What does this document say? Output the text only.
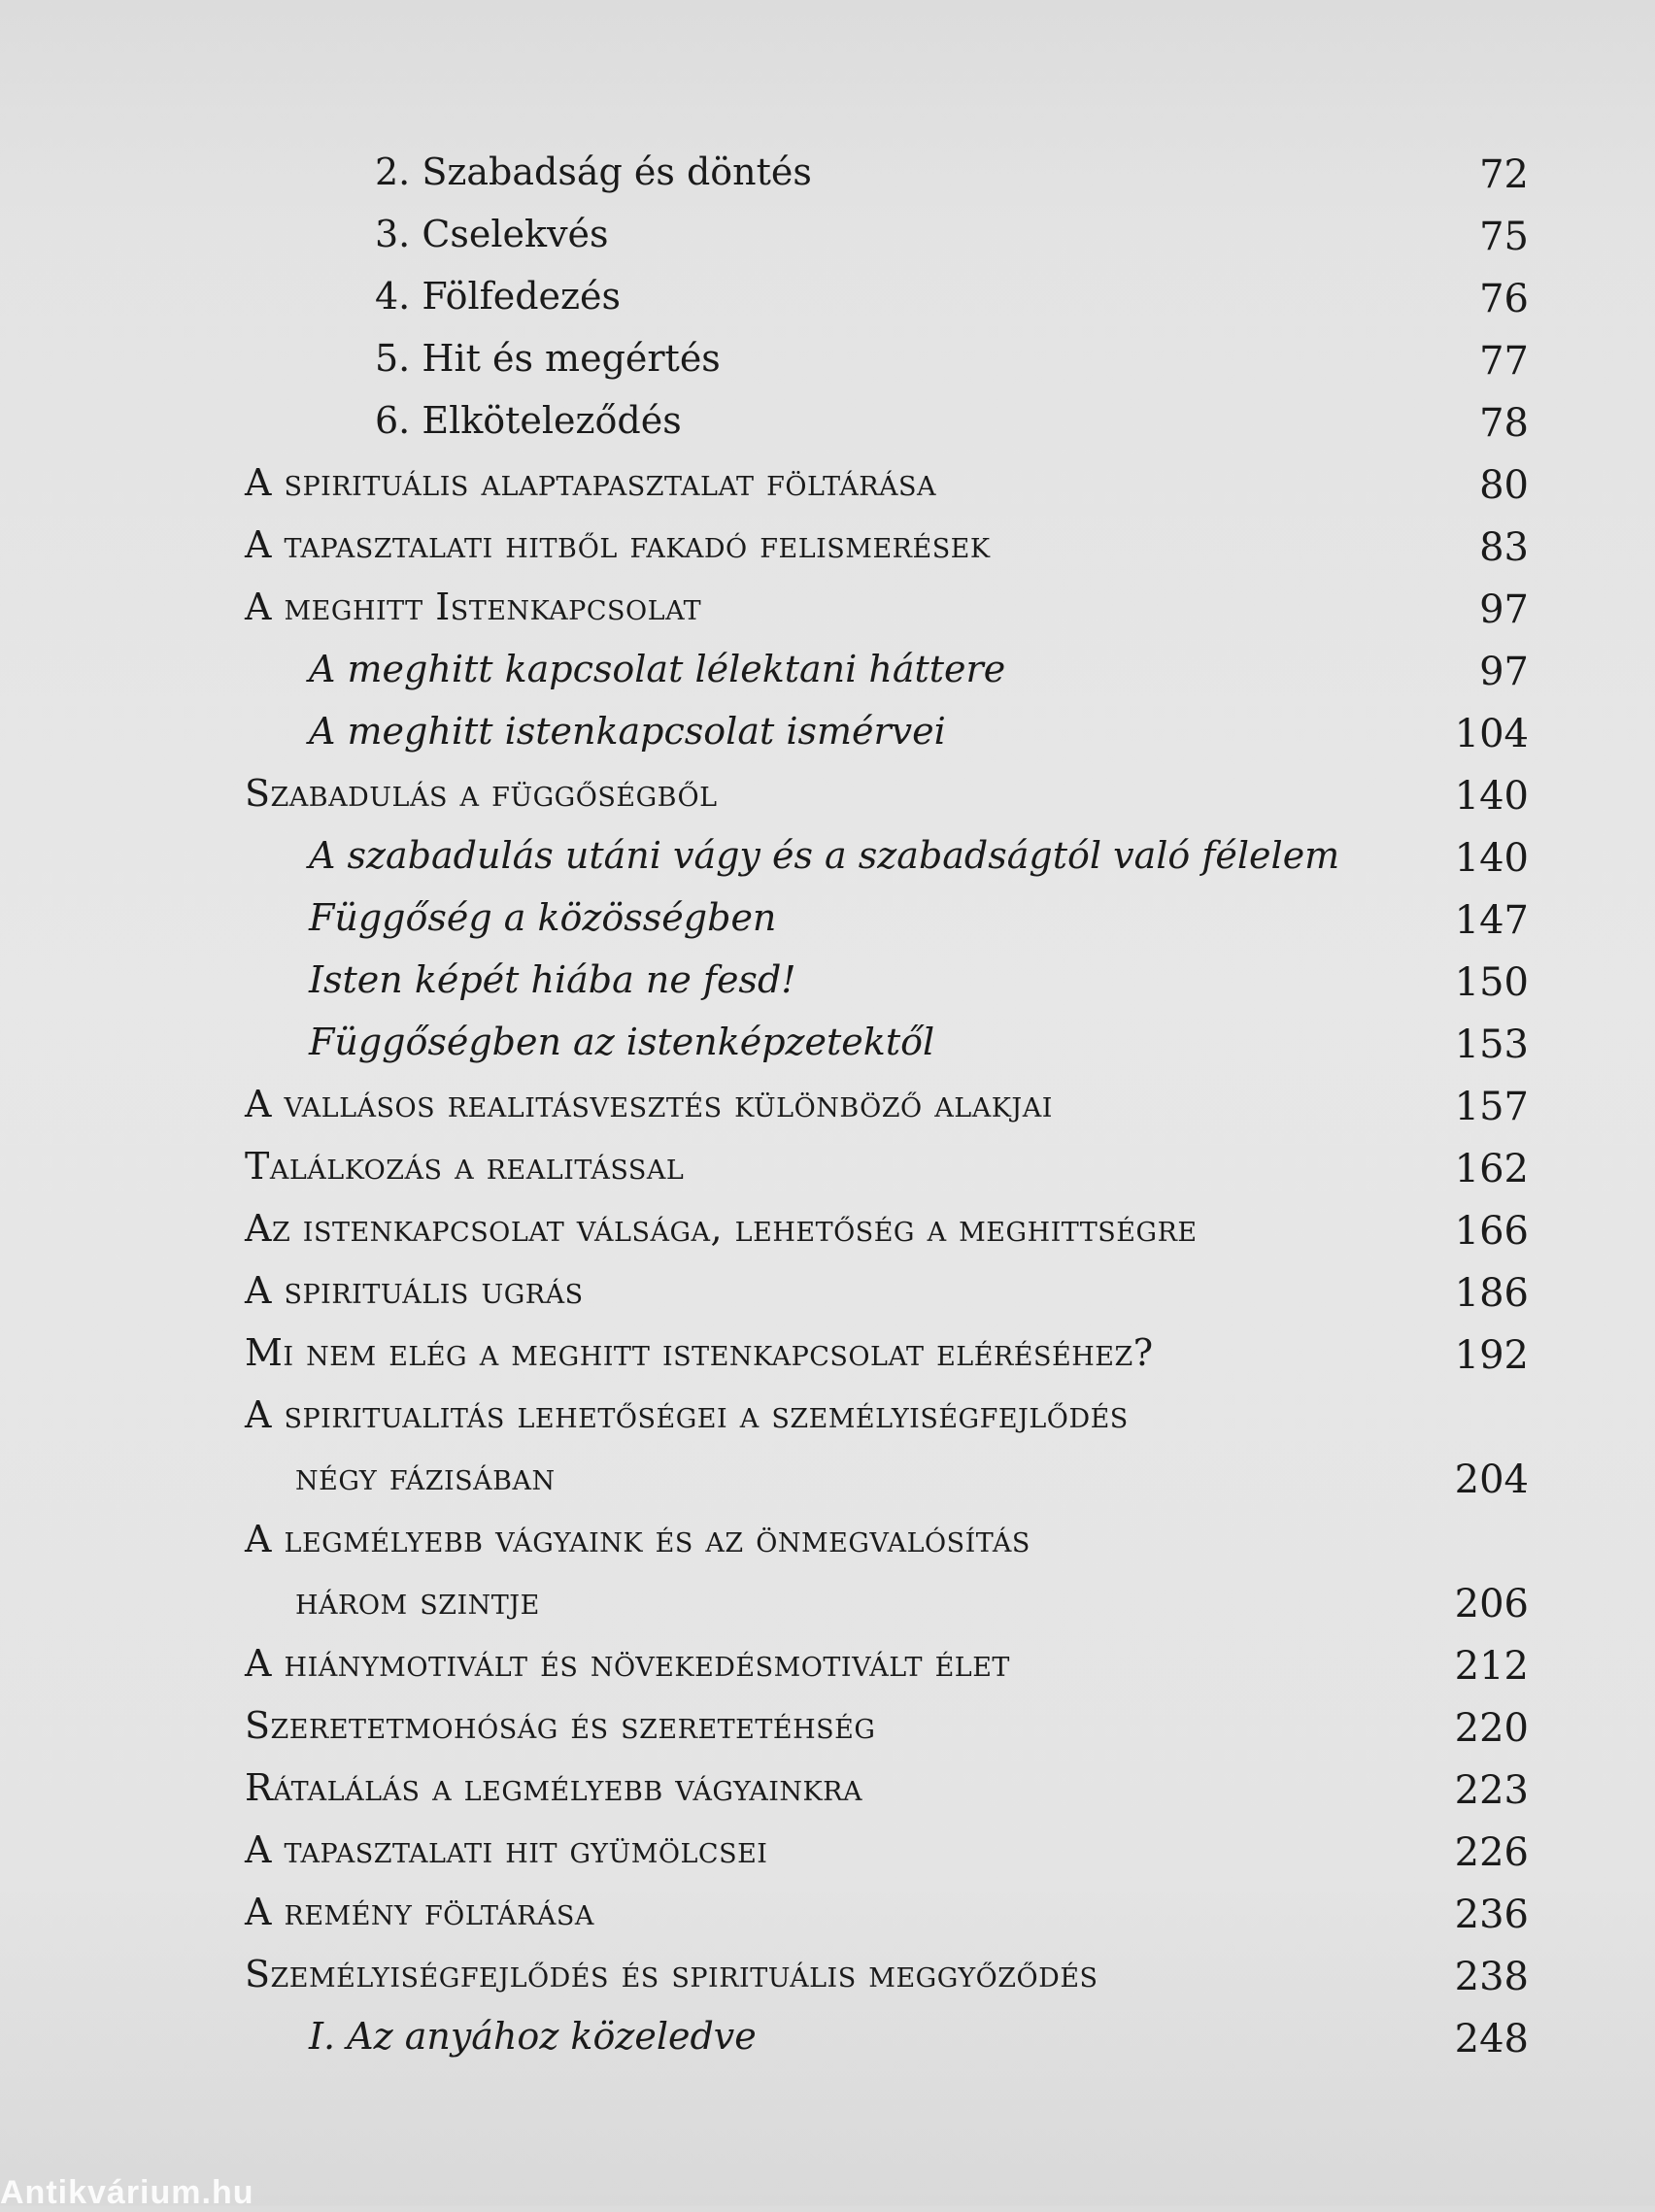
2. Szabadság és döntés	72
3. Cselekvés	75
4. Fölfedezés	76
5. Hit és megértés	77
6. Elköteleződés	78
A spirituális alaptapasztalat föltárása	80
A tapasztalati hitből fakadó felismerések	83
A meghitt Istenkapcsolat	97
A meghitt kapcsolat lélektani háttere	97
A meghitt istenkapcsolat ismérvei	104
Szabadulás a függőségből	140
A szabadulás utáni vágy és a szabadságtól való félelem	140
Függőség a közösségben	147
Isten képét hiába ne fesd!	150
Függőségben az istenképzetektől	153
A vallásos realitásvesztés különböző alakjai	157
Találkozás a realitással	162
Az istenkapcsolat válsága, lehetőség a meghittségre	166
A spirituális ugrás	186
Mi nem elég a meghitt istenkapcsolat eléréséhez?	192
A spiritualitás lehetőségei a személyiségfejlődés
négy fázisában	204
A legmélyebb vágyaink és az önmegvalósítás
három szintje	206
A hiánymotivált és növekedésmotivált élet	212
Szeretetmohóság és szeretetéhség	220
Rátalálás a legmélyebb vágyainkra	223
A tapasztalati hit gyümölcsei	226
A remény föltárása	236
Személyiségfejlődés és spirituális meggyőződés	238
I. Az anyához közeledve	248
Antikvárium.hu
